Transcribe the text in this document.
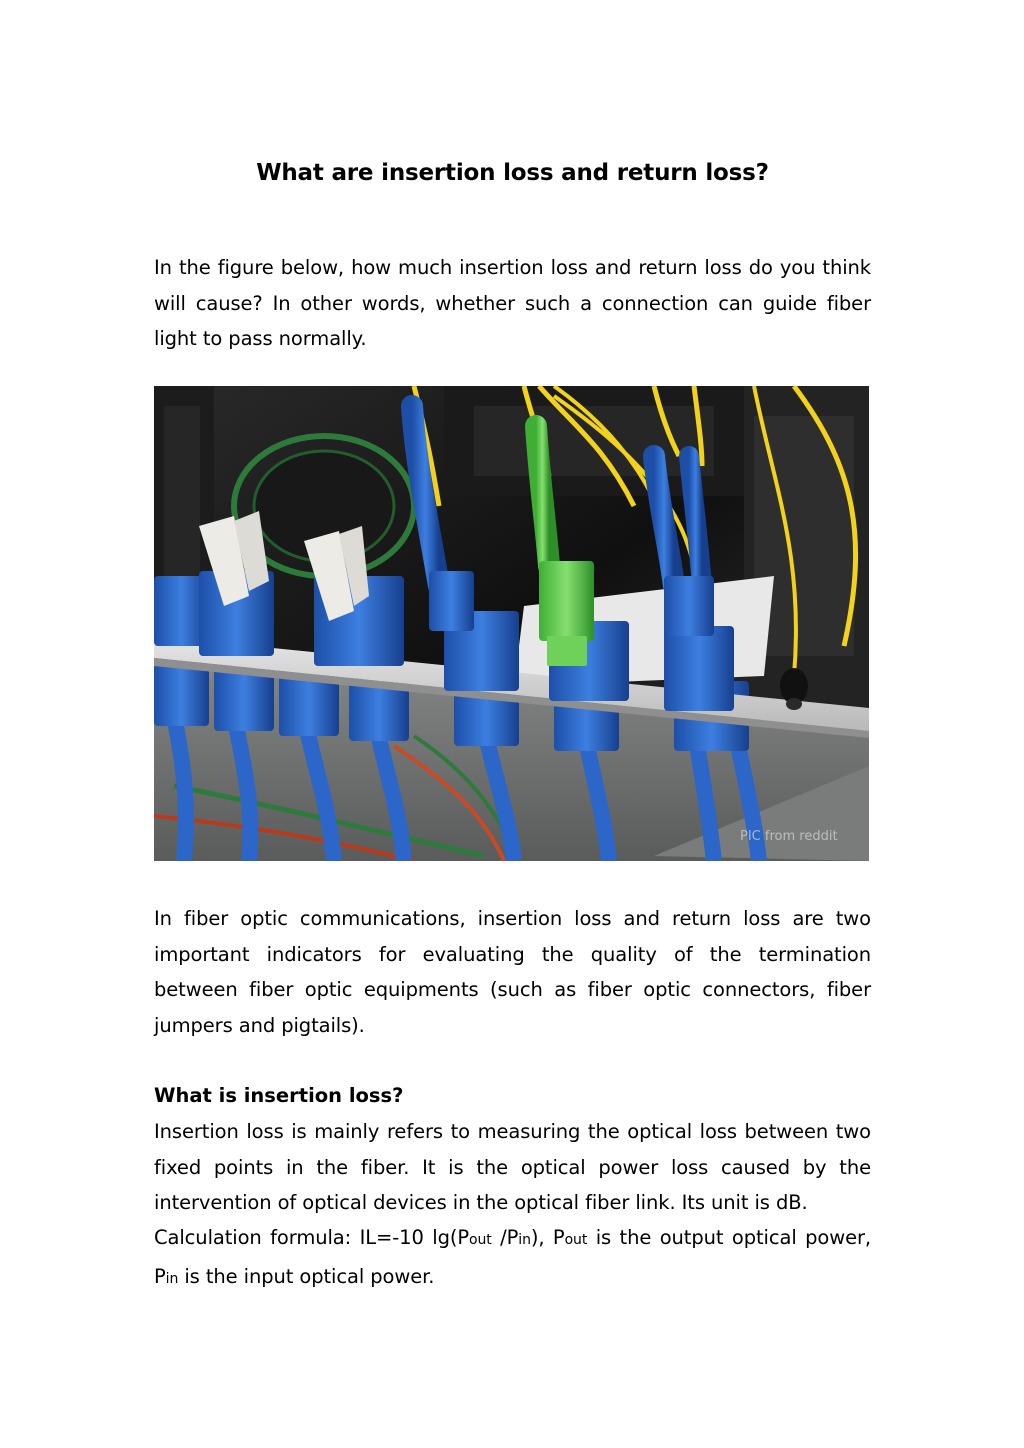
What are insertion loss and return loss?
In the figure below, how much insertion loss and return loss do you think will cause? In other words, whether such a connection can guide fiber light to pass normally.
PIC from reddit
In fiber optic communications, insertion loss and return loss are two important indicators for evaluating the quality of the termination between fiber optic equipments (such as fiber optic connectors, fiber jumpers and pigtails).
What is insertion loss?
Insertion loss is mainly refers to measuring the optical loss between two fixed points in the fiber. It is the optical power loss caused by the intervention of optical devices in the optical fiber link. Its unit is dB.
Calculation formula: IL=-10 lg(Pout /Pin), Pout is the output optical power, Pin is the input optical power.
